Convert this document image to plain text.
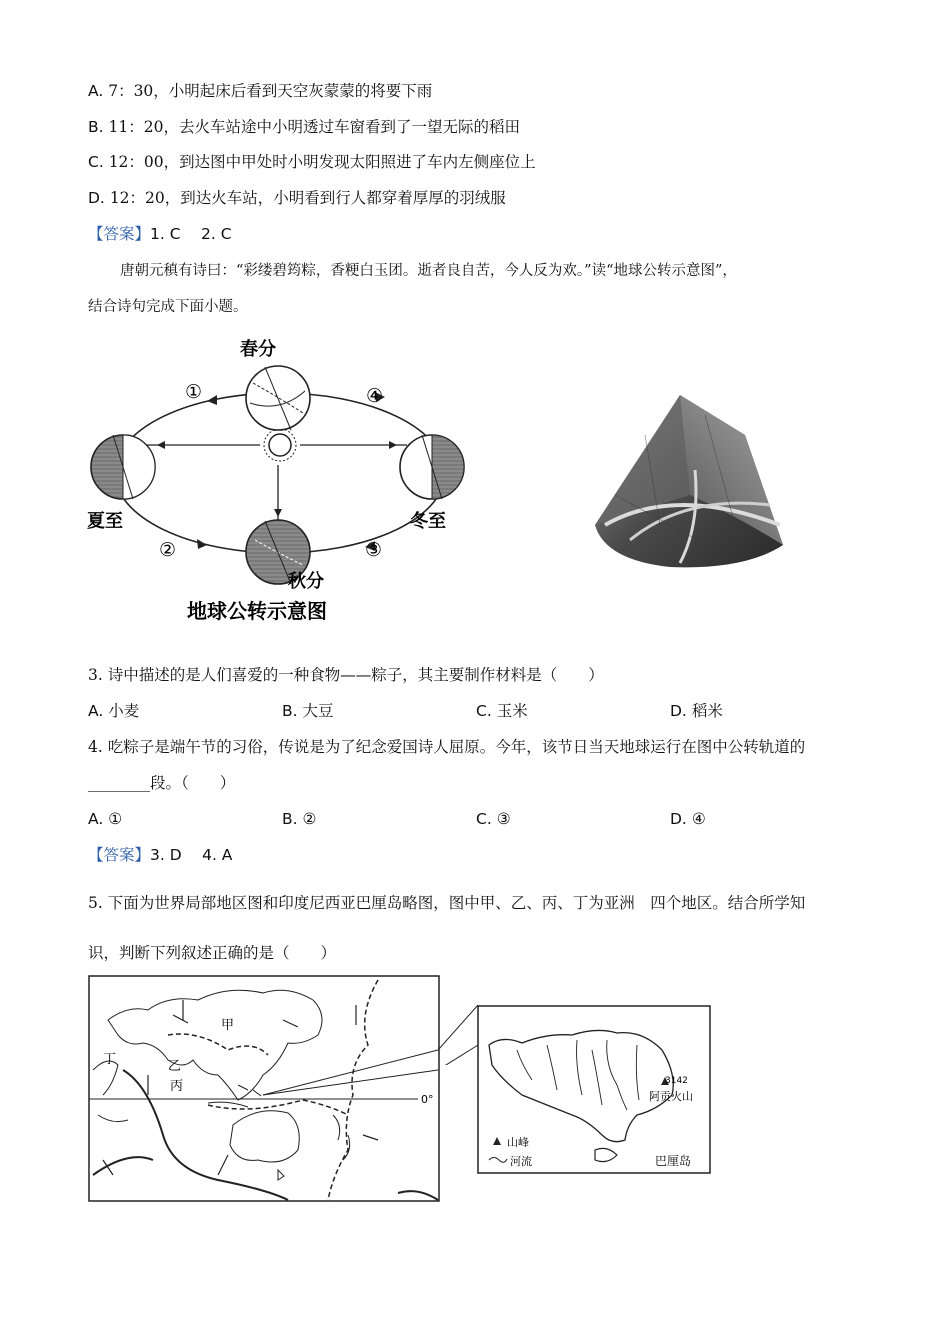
A. 7：30，小明起床后看到天空灰蒙蒙的将要下雨
B. 11：20，去火车站途中小明透过车窗看到了一望无际的稻田
C. 12：00，到达图中甲处时小明发现太阳照进了车内左侧座位上
D. 12：20，到达火车站，小明看到行人都穿着厚厚的羽绒服
【答案】1. C　 2. C
唐朝元稹有诗曰：“彩缕碧筠粽，香粳白玉团。逝者良自苦，今人反为欢。”读“地球公转示意图”，
结合诗句完成下面小题。
春分
夏至
秋分
冬至
①
②	③
④
地球公转示意图
3. 诗中描述的是人们喜爱的一种食物——粽子，其主要制作材料是（　　）
A. 小麦	B. 大豆	C. 玉米	D. 稻米
4. 吃粽子是端午节的习俗，传说是为了纪念爱国诗人屈原。今年，该节日当天地球运行在图中公转轨道的
________段。（　　）
A. ①	B. ②	C. ③	D. ④
【答案】3. D　 4. A
5. 下面为世界局部地区图和印度尼西亚巴厘岛略图，图中甲、乙、丙、丁为亚洲　四个地区。结合所学知
识，判断下列叙述正确的是（　　）
0°
甲
乙
丙
丁
3142
阿贡火山
山峰
河流	巴厘岛
